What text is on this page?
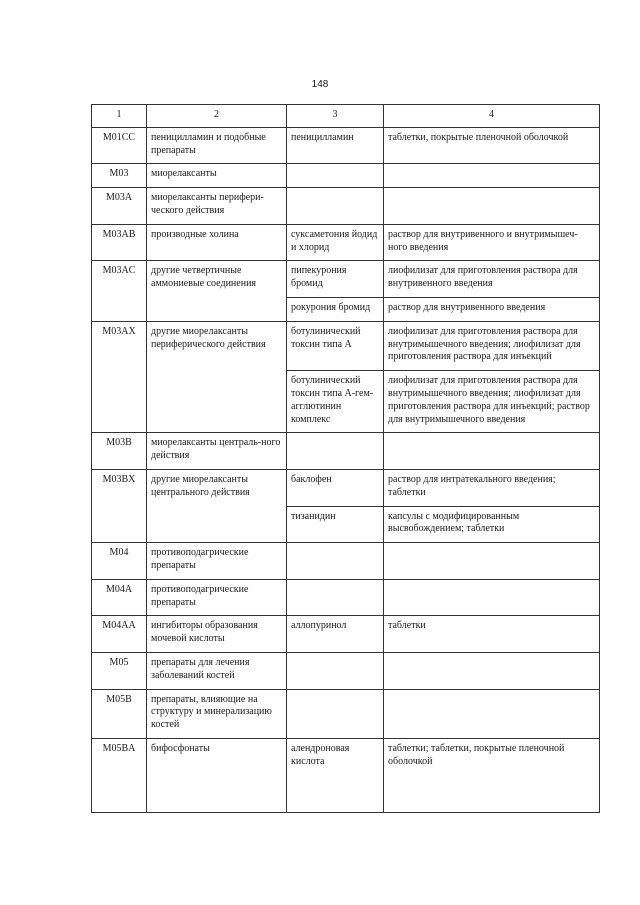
148
1	2	3	4
M01CC	пеницилламин и подобные препараты	пеницилламин	таблетки, покрытые пленочной оболочкой
M03	миорелаксанты		
M03A	миорелаксанты перифери-ческого действия		
M03AB	производные холина	суксаметония йодид и хлорид	раствор для внутривенного и внутримышеч-ного введения
M03AC	другие четвертичные аммониевые соединения	пипекурония бромид	лиофилизат для приготовления раствора для внутривенного введения
		рокурония бромид	раствор для внутривенного введения
M03AX	другие миорелаксанты периферического действия	ботулинический токсин типа А	лиофилизат для приготовления раствора для внутримышечного введения; лиофилизат для приготовления раствора для инъекций
		ботулинический токсин типа А-гем-агглютинин комплекс	лиофилизат для приготовления раствора для внутримышечного введения; лиофилизат для приготовления раствора для инъекций; раствор для внутримышечного введения
M03B	миорелаксанты централь-ного действия		
M03BX	другие миорелаксанты центрального действия	баклофен	раствор для интратекального введения; таблетки
		тизанидин	капсулы с модифицированным высвобождением; таблетки
M04	противоподагрические препараты		
M04A	противоподагрические препараты		
M04AA	ингибиторы образования мочевой кислоты	аллопуринол	таблетки
M05	препараты для лечения заболеваний костей		
M05B	препараты, влияющие на структуру и минерализацию костей		
M05BA	бифосфонаты	алендроновая кислота	таблетки; таблетки, покрытые пленочной оболочкой
